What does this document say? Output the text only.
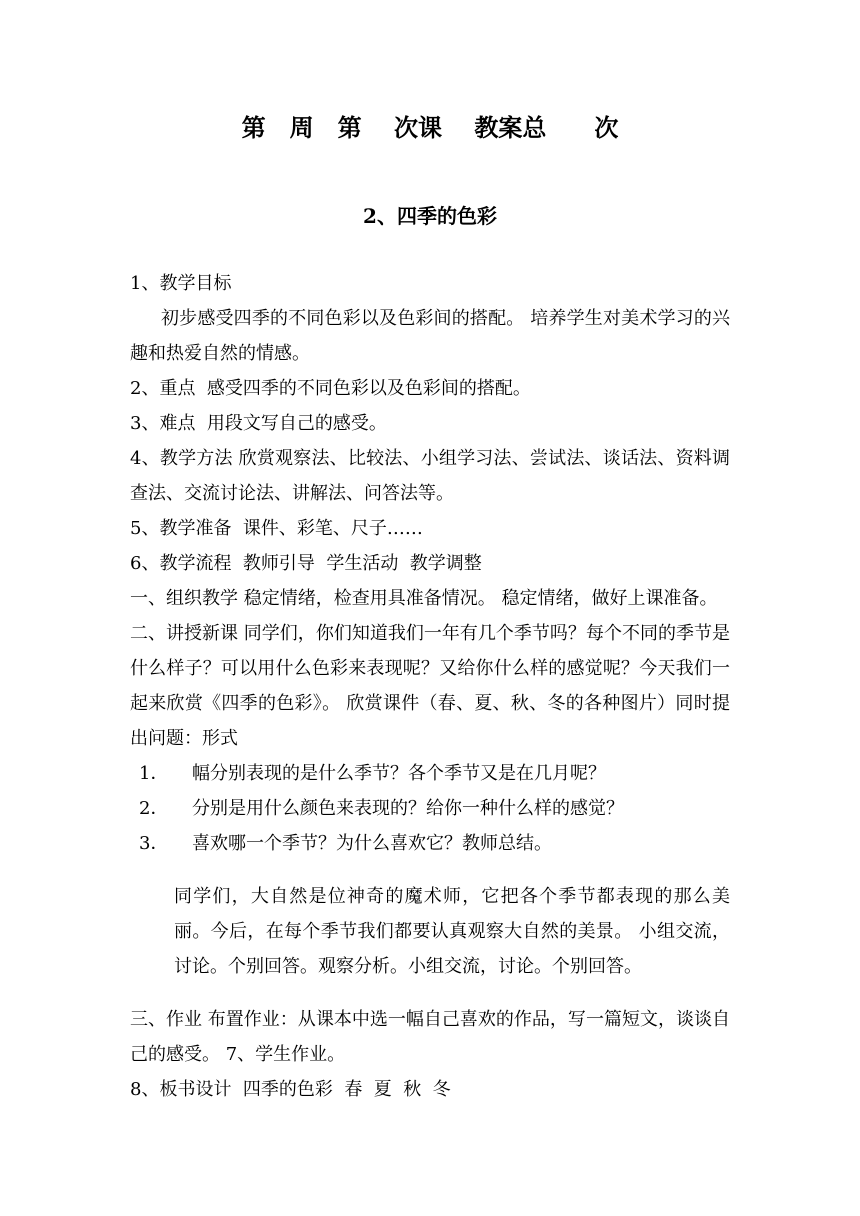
第　周　第　 次课　 教案总　　次
2、四季的色彩

1、教学目标

初步感受四季的不同色彩以及色彩间的搭配。 培养学生对美术学习的兴趣和热爱自然的情感。

2、重点  感受四季的不同色彩以及色彩间的搭配。

3、难点  用段文写自己的感受。

4、教学方法 欣赏观察法、比较法、小组学习法、尝试法、谈话法、资料调查法、交流讨论法、讲解法、问答法等。

5、教学准备  课件、彩笔、尺子……

6、教学流程  教师引导  学生活动  教学调整

一、组织教学 稳定情绪，检查用具准备情况。 稳定情绪，做好上课准备。

二、讲授新课 同学们，你们知道我们一年有几个季节吗？每个不同的季节是什么样子？可以用什么色彩来表现呢？又给你什么样的感觉呢？今天我们一起来欣赏《四季的色彩》。 欣赏课件（春、夏、秋、冬的各种图片）同时提出问题：形式

1． 幅分别表现的是什么季节？各个季节又是在几月呢？
2． 分别是用什么颜色来表现的？给你一种什么样的感觉？
3． 喜欢哪一个季节？为什么喜欢它？教师总结。

同学们，大自然是位神奇的魔术师，它把各个季节都表现的那么美丽。今后，在每个季节我们都要认真观察大自然的美景。 小组交流，讨论。个别回答。观察分析。小组交流，讨论。个别回答。

三、作业 布置作业：从课本中选一幅自己喜欢的作品，写一篇短文，谈谈自己的感受。 7、学生作业。

8、板书设计  四季的色彩  春  夏  秋  冬
